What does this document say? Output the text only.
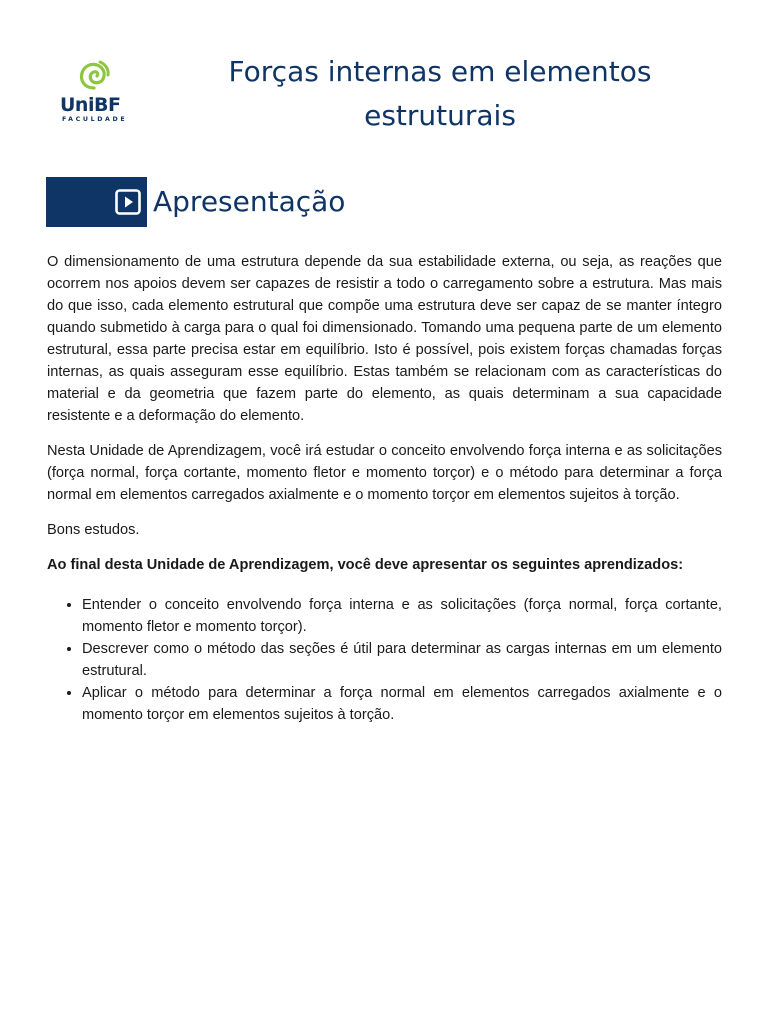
UniBF
FACULDADE
Forças internas em elementos
estruturais
Apresentação

O dimensionamento de uma estrutura depende da sua estabilidade externa, ou seja, as reações que ocorrem nos apoios devem ser capazes de resistir a todo o carregamento sobre a estrutura. Mas mais do que isso, cada elemento estrutural que compõe uma estrutura deve ser capaz de se manter íntegro quando submetido à carga para o qual foi dimensionado. Tomando uma pequena parte de um elemento estrutural, essa parte precisa estar em equilíbrio. Isto é possível, pois existem forças chamadas forças internas, as quais asseguram esse equilíbrio. Estas também se relacionam com as características do material e da geometria que fazem parte do elemento, as quais determinam a sua capacidade resistente e a deformação do elemento.

Nesta Unidade de Aprendizagem, você irá estudar o conceito envolvendo força interna e as solicitações (força normal, força cortante, momento fletor e momento torçor) e o método para determinar a força normal em elementos carregados axialmente e o momento torçor em elementos sujeitos à torção.

Bons estudos.

Ao final desta Unidade de Aprendizagem, você deve apresentar os seguintes aprendizados:

• Entender o conceito envolvendo força interna e as solicitações (força normal, força cortante, momento fletor e momento torçor).
• Descrever como o método das seções é útil para determinar as cargas internas em um elemento estrutural.
• Aplicar o método para determinar a força normal em elementos carregados axialmente e o momento torçor em elementos sujeitos à torção.
